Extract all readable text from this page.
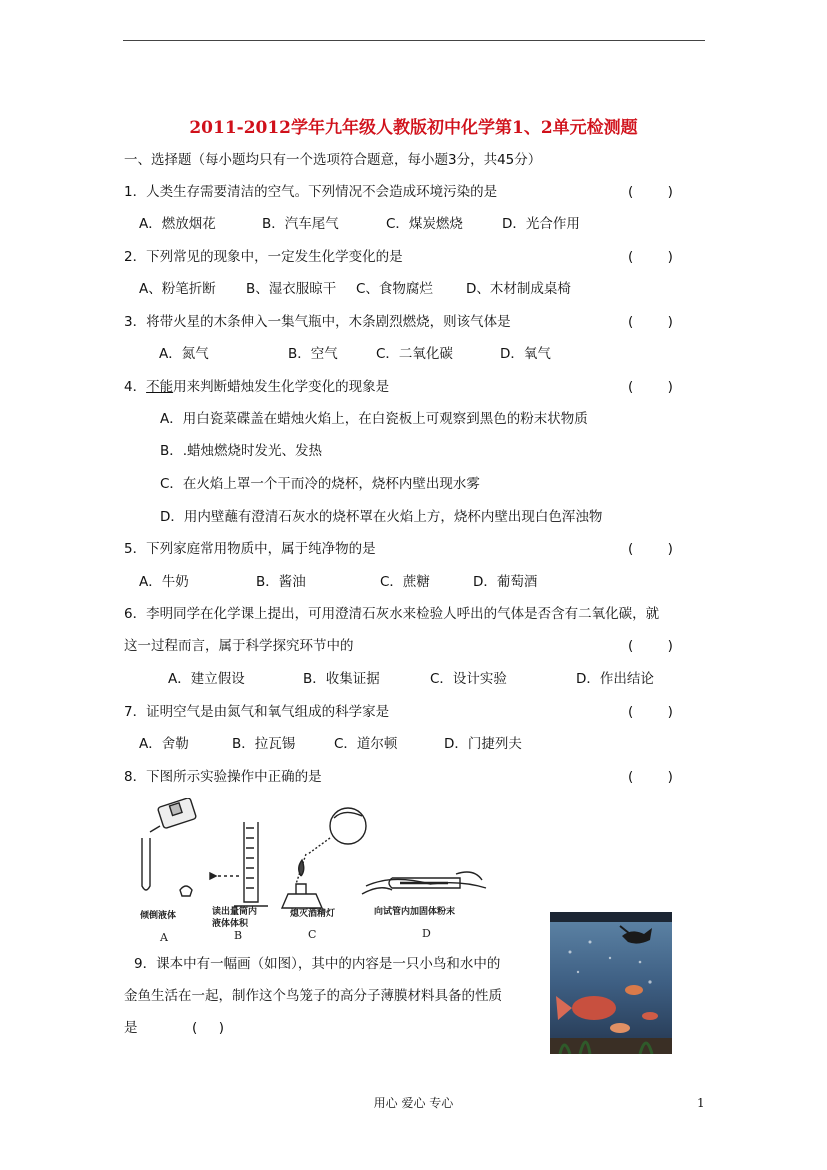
2011-2012学年九年级人教版初中化学第1、2单元检测题
一、选择题（每小题均只有一个选项符合题意，每小题3分，共45分）
1．人类生存需要清洁的空气。下列情况不会造成环境污染的是	(        )
A．燃放烟花	B．汽车尾气	C．煤炭燃烧	D．光合作用
2．下列常见的现象中，一定发生化学变化的是	(        )
A、粉笔折断 B、湿衣服晾干 C、食物腐烂 D、木材制成桌椅
3．将带火星的木条伸入一集气瓶中，木条剧烈燃烧，则该气体是	(        )
A．氮气	B．空气	C．二氧化碳	D．氧气
4．不能用来判断蜡烛发生化学变化的现象是	(        )
A．用白瓷菜碟盖在蜡烛火焰上，在白瓷板上可观察到黑色的粉末状物质
B．.蜡烛燃烧时发光、发热
C．在火焰上罩一个干而冷的烧杯，烧杯内壁出现水雾
D．用内壁蘸有澄清石灰水的烧杯罩在火焰上方，烧杯内壁出现白色浑浊物
5．下列家庭常用物质中，属于纯净物的是	(        )
A．牛奶	B．酱油	C．蔗糖	D．葡萄酒
6．李明同学在化学课上提出，可用澄清石灰水来检验人呼出的气体是否含有二氧化碳，就
这一过程而言，属于科学探究环节中的	(        )
A．建立假设	B．收集证据	C．设计实验	D．作出结论
7．证明空气是由氮气和氧气组成的科学家是	(        )
A．舍勒	B．拉瓦锡	C．道尔顿	D．门捷列夫
8．下图所示实验操作中正确的是	(        )
倾倒液体	读出量筒内
液体体积
熄灭酒精灯	向试管内加固体粉末
A	B	C	D
9．课本中有一幅画（如图），其中的内容是一只小鸟和水中的
金鱼生活在一起，制作这个鸟笼子的高分子薄膜材料具备的性质
是	(     )
用心 爱心 专心	1
